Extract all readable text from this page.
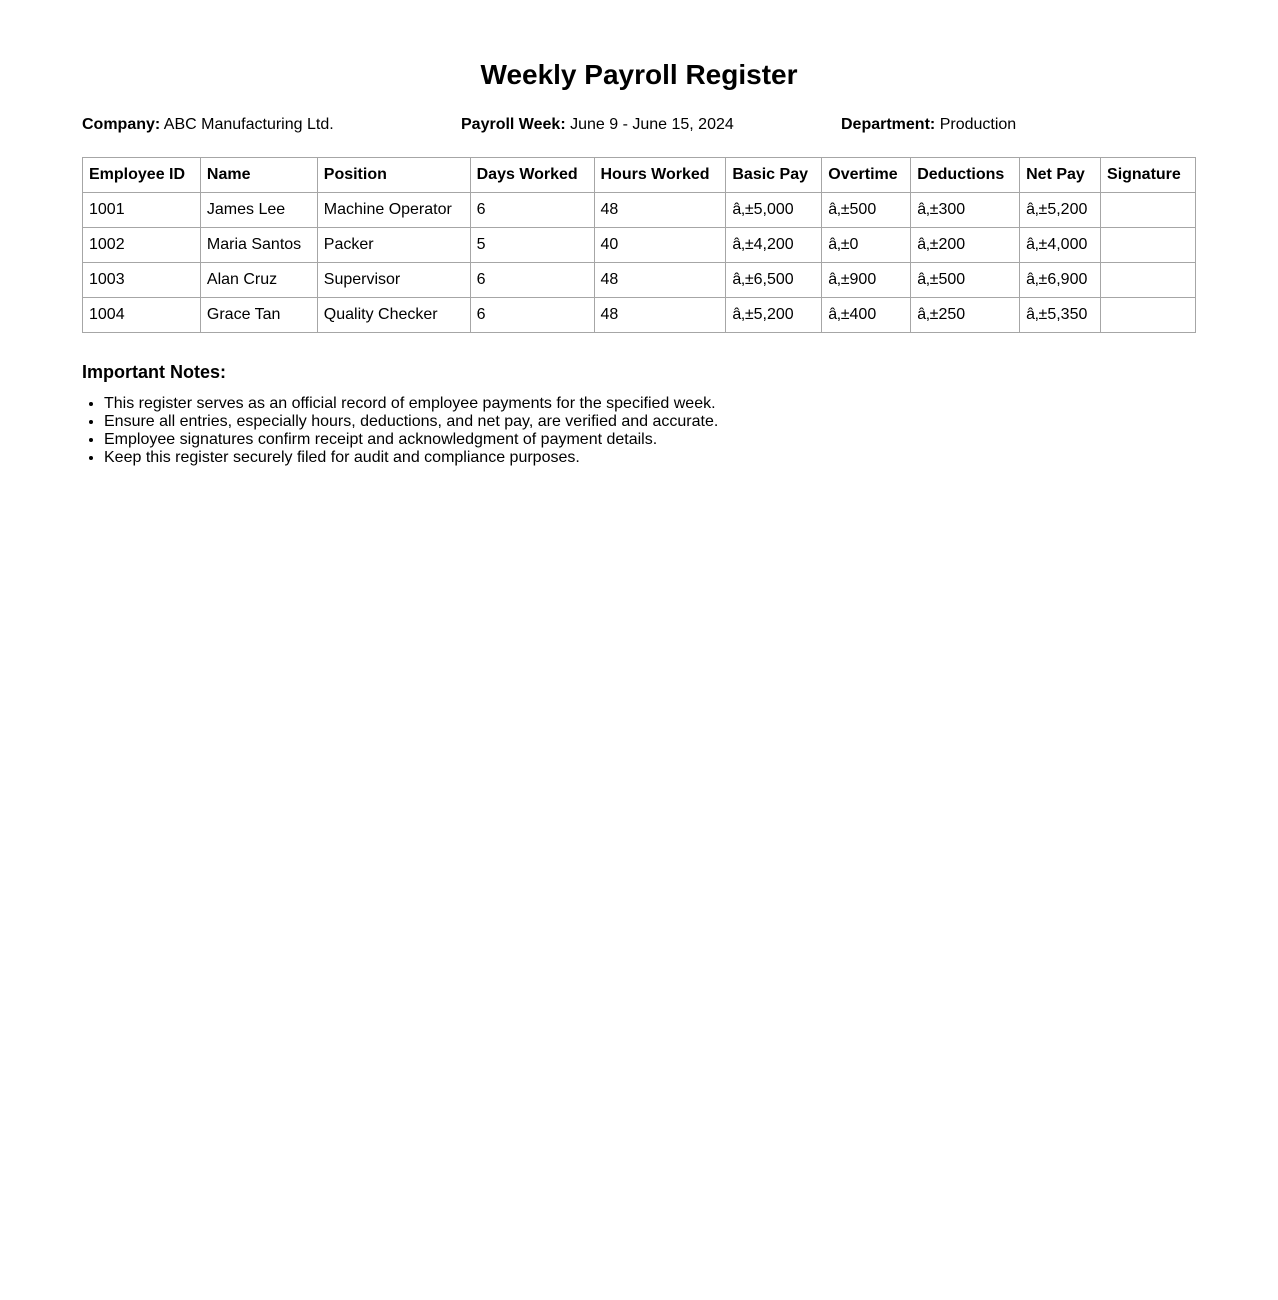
Weekly Payroll Register
Company: ABC Manufacturing Ltd.	Payroll Week: June 9 - June 15, 2024	Department: Production
Employee ID	Name	Position	Days Worked	Hours Worked	Basic Pay	Overtime	Deductions	Net Pay	Signature
1001	James Lee	Machine Operator	6	48	â‚±5,000	â‚±500	â‚±300	â‚±5,200	
1002	Maria Santos	Packer	5	40	â‚±4,200	â‚±0	â‚±200	â‚±4,000	
1003	Alan Cruz	Supervisor	6	48	â‚±6,500	â‚±900	â‚±500	â‚±6,900	
1004	Grace Tan	Quality Checker	6	48	â‚±5,200	â‚±400	â‚±250	â‚±5,350	
Important Notes:
• This register serves as an official record of employee payments for the specified week.
• Ensure all entries, especially hours, deductions, and net pay, are verified and accurate.
• Employee signatures confirm receipt and acknowledgment of payment details.
• Keep this register securely filed for audit and compliance purposes.
